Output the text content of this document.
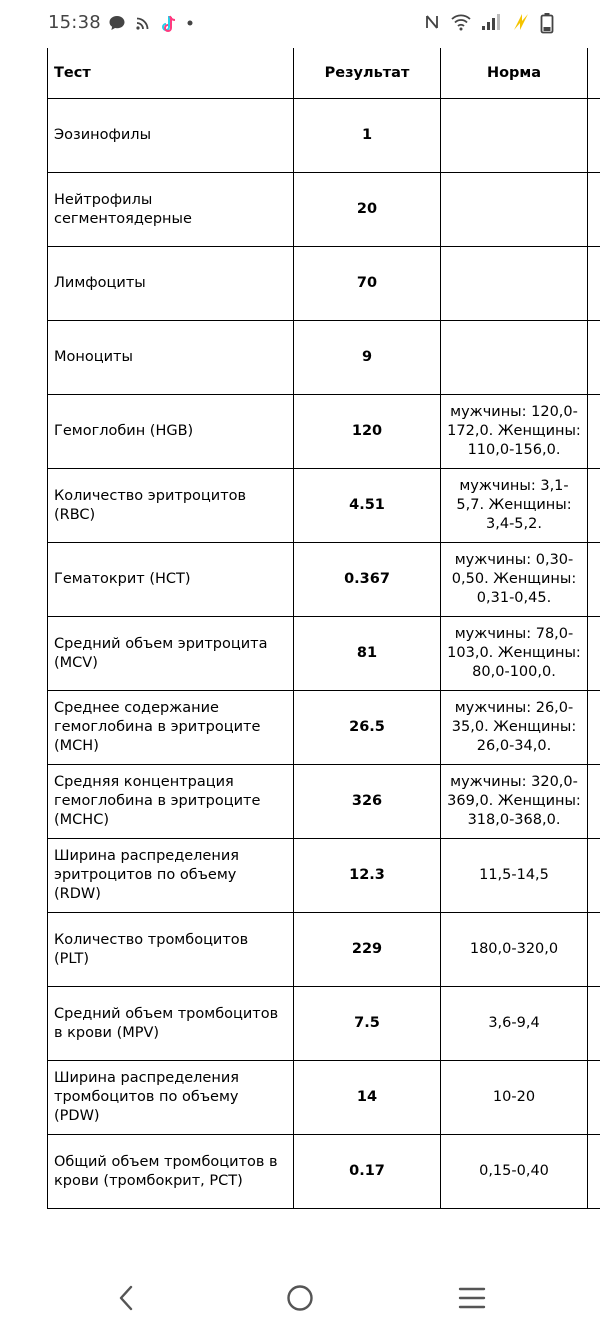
15:38
Тест	Результат	Норма	
Эозинофилы	1		
Нейтрофилы сегментоядерные	20		
Лимфоциты	70		
Моноциты	9		
Гемоглобин (HGB)	120	мужчины: 120,0-172,0. Женщины: 110,0-156,0.	
Количество эритроцитов (RBC)	4.51	мужчины: 3,1-5,7. Женщины: 3,4-5,2.	
Гематокрит (HCT)	0.367	мужчины: 0,30-0,50. Женщины: 0,31-0,45.	
Средний объем эритроцита (MCV)	81	мужчины: 78,0-103,0. Женщины: 80,0-100,0.	
Среднее содержание гемоглобина в эритроците (MCH)	26.5	мужчины: 26,0-35,0. Женщины: 26,0-34,0.	
Средняя концентрация гемоглобина в эритроците (MCHC)	326	мужчины: 320,0-369,0. Женщины: 318,0-368,0.	
Ширина распределения эритроцитов по объему (RDW)	12.3	11,5-14,5	
Количество тромбоцитов (PLT)	229	180,0-320,0	
Средний объем тромбоцитов в крови (MPV)	7.5	3,6-9,4	
Ширина распределения тромбоцитов по объему (PDW)	14	10-20	
Общий объем тромбоцитов в крови (тромбокрит, PCT)	0.17	0,15-0,40	
